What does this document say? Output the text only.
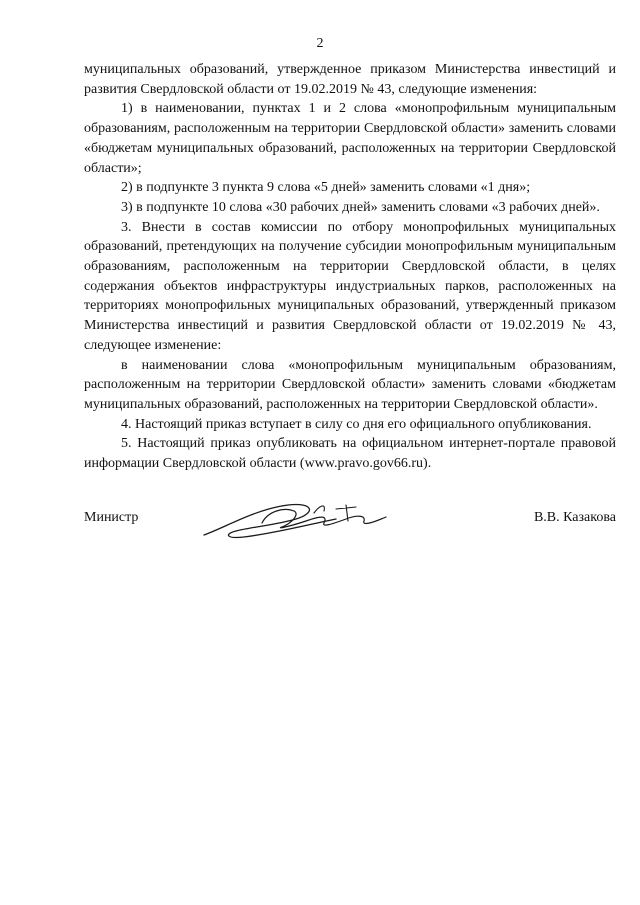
2

муниципальных образований, утвержденное приказом Министерства инвестиций и развития Свердловской области от 19.02.2019 № 43, следующие изменения:

1) в наименовании, пунктах 1 и 2 слова «монопрофильным муниципальным образованиям, расположенным на территории Свердловской области» заменить словами «бюджетам муниципальных образований, расположенных на территории Свердловской области»;

2) в подпункте 3 пункта 9 слова «5 дней» заменить словами «1 дня»;

3) в подпункте 10 слова «30 рабочих дней» заменить словами «3 рабочих дней».

3. Внести в состав комиссии по отбору монопрофильных муниципальных образований, претендующих на получение субсидии монопрофильным муниципальным образованиям, расположенным на территории Свердловской области, в целях содержания объектов инфраструктуры индустриальных парков, расположенных на территориях монопрофильных муниципальных образований, утвержденный приказом Министерства инвестиций и развития Свердловской области от 19.02.2019 № 43, следующее изменение:

в наименовании слова «монопрофильным муниципальным образованиям, расположенным на территории Свердловской области» заменить словами «бюджетам муниципальных образований, расположенных на территории Свердловской области».

4. Настоящий приказ вступает в силу со дня его официального опубликования.

5. Настоящий приказ опубликовать на официальном интернет-портале правовой информации Свердловской области (www.pravo.gov66.ru).

Министр	В.В. Казакова
